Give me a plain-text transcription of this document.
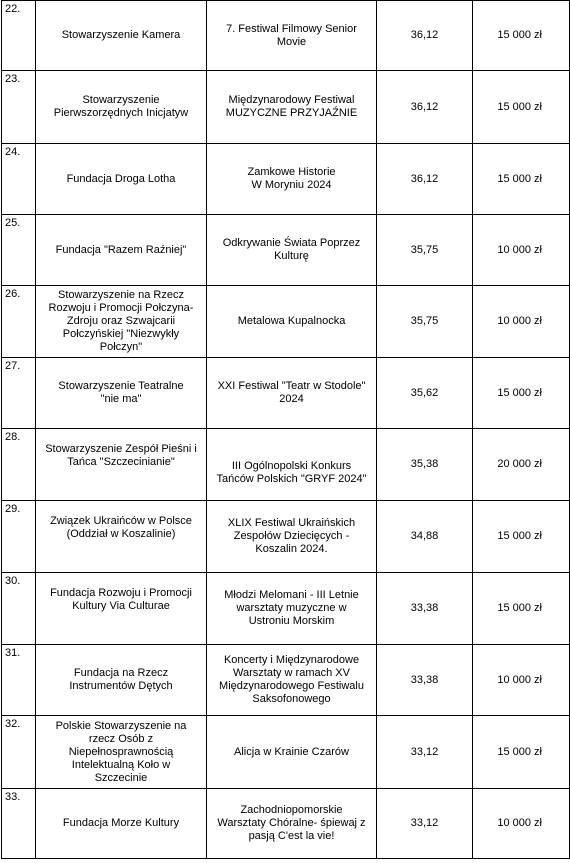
22.	Stowarzyszenie Kamera	7. Festiwal Filmowy Senior
Movie	36,12	15 000 zł
23.	Stowarzyszenie
Pierwszorzędnych Inicjatyw	Międzynarodowy Festiwal
MUZYCZNE PRZYJAŹNIE	36,12	15 000 zł
24.	Fundacja Droga Lotha	Zamkowe Historie
W Moryniu 2024	36,12	15 000 zł
25.	Fundacja "Razem Raźniej"	Odkrywanie Świata Poprzez
Kulturę	35,75	10 000 zł
26.	Stowarzyszenie na Rzecz
Rozwoju i Promocji Połczyna-
Zdroju oraz Szwajcarii
Połczyńskiej "Niezwykły
Połczyn"	Metalowa Kupalnocka	35,75	10 000 zł
27.	Stowarzyszenie Teatralne
"nie ma"	XXI Festiwal "Teatr w Stodole"
2024	35,62	15 000 zł
28.	Stowarzyszenie Zespół Pieśni i
Tańca "Szczecinianie"	III Ogólnopolski Konkurs
Tańców Polskich "GRYF 2024"	35,38	20 000 zł
29.	Związek Ukraińców w Polsce
(Oddział w Koszalinie)	XLIX Festiwal Ukraińskich
Zespołów Dziecięcych -
Koszalin 2024.	34,88	15 000 zł
30.	Fundacja Rozwoju i Promocji
Kultury Via Culturae	Młodzi Melomani - III Letnie
warsztaty muzyczne w
Ustroniu Morskim	33,38	15 000 zł
31.	Fundacja na Rzecz
Instrumentów Dętych	Koncerty i Międzynarodowe
Warsztaty w ramach XV
Międzynarodowego Festiwalu
Saksofonowego	33,38	10 000 zł
32.	Polskie Stowarzyszenie na
rzecz Osób z
Niepełnosprawnością
Intelektualną Koło w
Szczecinie	Alicja w Krainie Czarów	33,12	15 000 zł
33.	Fundacja Morze Kultury	Zachodniopomorskie
Warsztaty Chóralne- śpiewaj z
pasją C'est la vie!	33,12	10 000 zł
